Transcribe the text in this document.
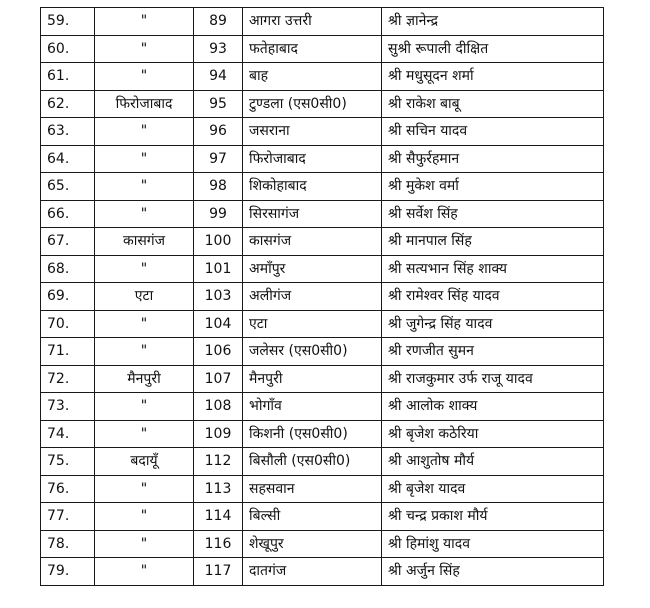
59.	"	89	आगरा उत्तरी	श्री ज्ञानेन्द्र
60.	"	93	फतेहाबाद	सुश्री रूपाली दीक्षित
61.	"	94	बाह	श्री मधुसूदन शर्मा
62.	फिरोजाबाद	95	टुण्डला (एस0सी0)	श्री राकेश बाबू
63.	"	96	जसराना	श्री सचिन यादव
64.	"	97	फिरोजाबाद	श्री सैफुर्रहमान
65.	"	98	शिकोहाबाद	श्री मुकेश वर्मा
66.	"	99	सिरसागंज	श्री सर्वेश सिंह
67.	कासगंज	100	कासगंज	श्री मानपाल सिंह
68.	"	101	अमाँपुर	श्री सत्यभान सिंह शाक्य
69.	एटा	103	अलीगंज	श्री रामेश्वर सिंह यादव
70.	"	104	एटा	श्री जुगेन्द्र सिंह यादव
71.	"	106	जलेसर (एस0सी0)	श्री रणजीत सुमन
72.	मैनपुरी	107	मैनपुरी	श्री राजकुमार उर्फ राजू यादव
73.	"	108	भोगाँव	श्री आलोक शाक्य
74.	"	109	किशनी (एस0सी0)	श्री बृजेश कठेरिया
75.	बदायूँ	112	बिसौली (एस0सी0)	श्री आशुतोष मौर्य
76.	"	113	सहसवान	श्री बृजेश यादव
77.	"	114	बिल्सी	श्री चन्द्र प्रकाश मौर्य
78.	"	116	शेखूपुर	श्री हिमांशु यादव
79.	"	117	दातगंज	श्री अर्जुन सिंह
